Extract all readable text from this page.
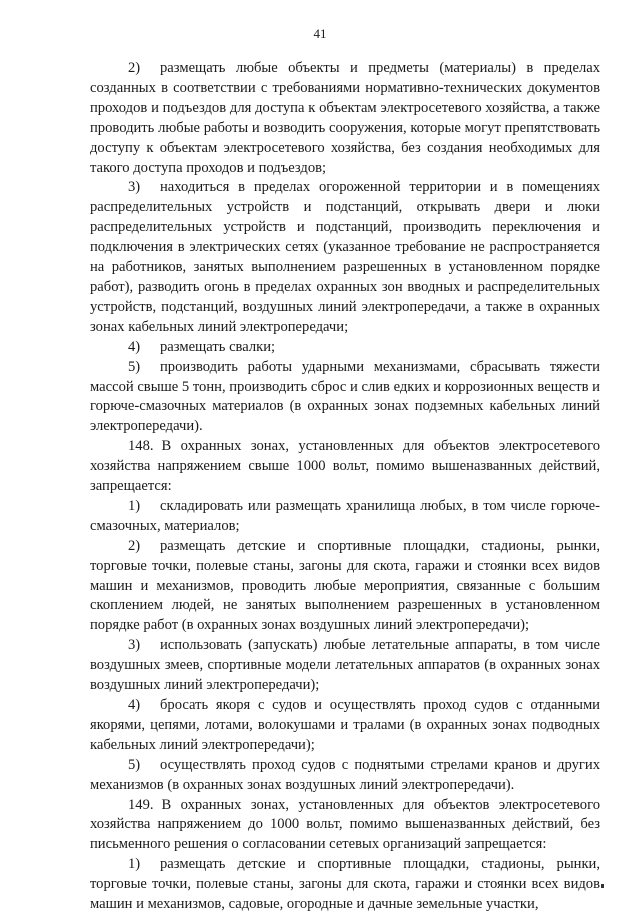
41

2) размещать любые объекты и предметы (материалы) в пределах созданных в соответствии с требованиями нормативно-технических документов проходов и подъездов для доступа к объектам электросетевого хозяйства, а также проводить любые работы и возводить сооружения, которые могут препятствовать доступу к объектам электросетевого хозяйства, без создания необходимых для такого доступа проходов и подъездов;

3) находиться в пределах огороженной территории и в помещениях распределительных устройств и подстанций, открывать двери и люки распределительных устройств и подстанций, производить переключения и подключения в электрических сетях (указанное требование не распространяется на работников, занятых выполнением разрешенных в установленном порядке работ), разводить огонь в пределах охранных зон вводных и распределительных устройств, подстанций, воздушных линий электропередачи, а также в охранных зонах кабельных линий электропередачи;

4) размещать свалки;

5) производить работы ударными механизмами, сбрасывать тяжести массой свыше 5 тонн, производить сброс и слив едких и коррозионных веществ и горюче-смазочных материалов (в охранных зонах подземных кабельных линий электропередачи).

148. В охранных зонах, установленных для объектов электросетевого хозяйства напряжением свыше 1000 вольт, помимо вышеназванных действий, запрещается:

1) складировать или размещать хранилища любых, в том числе горюче-смазочных, материалов;

2) размещать детские и спортивные площадки, стадионы, рынки, торговые точки, полевые станы, загоны для скота, гаражи и стоянки всех видов машин и механизмов, проводить любые мероприятия, связанные с большим скоплением людей, не занятых выполнением разрешенных в установленном порядке работ (в охранных зонах воздушных линий электропередачи);

3) использовать (запускать) любые летательные аппараты, в том числе воздушных змеев, спортивные модели летательных аппаратов (в охранных зонах воздушных линий электропередачи);

4) бросать якоря с судов и осуществлять проход судов с отданными якорями, цепями, лотами, волокушами и тралами (в охранных зонах подводных кабельных линий электропередачи);

5) осуществлять проход судов с поднятыми стрелами кранов и других механизмов (в охранных зонах воздушных линий электропередачи).

149. В охранных зонах, установленных для объектов электросетевого хозяйства напряжением до 1000 вольт, помимо вышеназванных действий, без письменного решения о согласовании сетевых организаций запрещается:

1) размещать детские и спортивные площадки, стадионы, рынки, торговые точки, полевые станы, загоны для скота, гаражи и стоянки всех видов машин и механизмов, садовые, огородные и дачные земельные участки,
